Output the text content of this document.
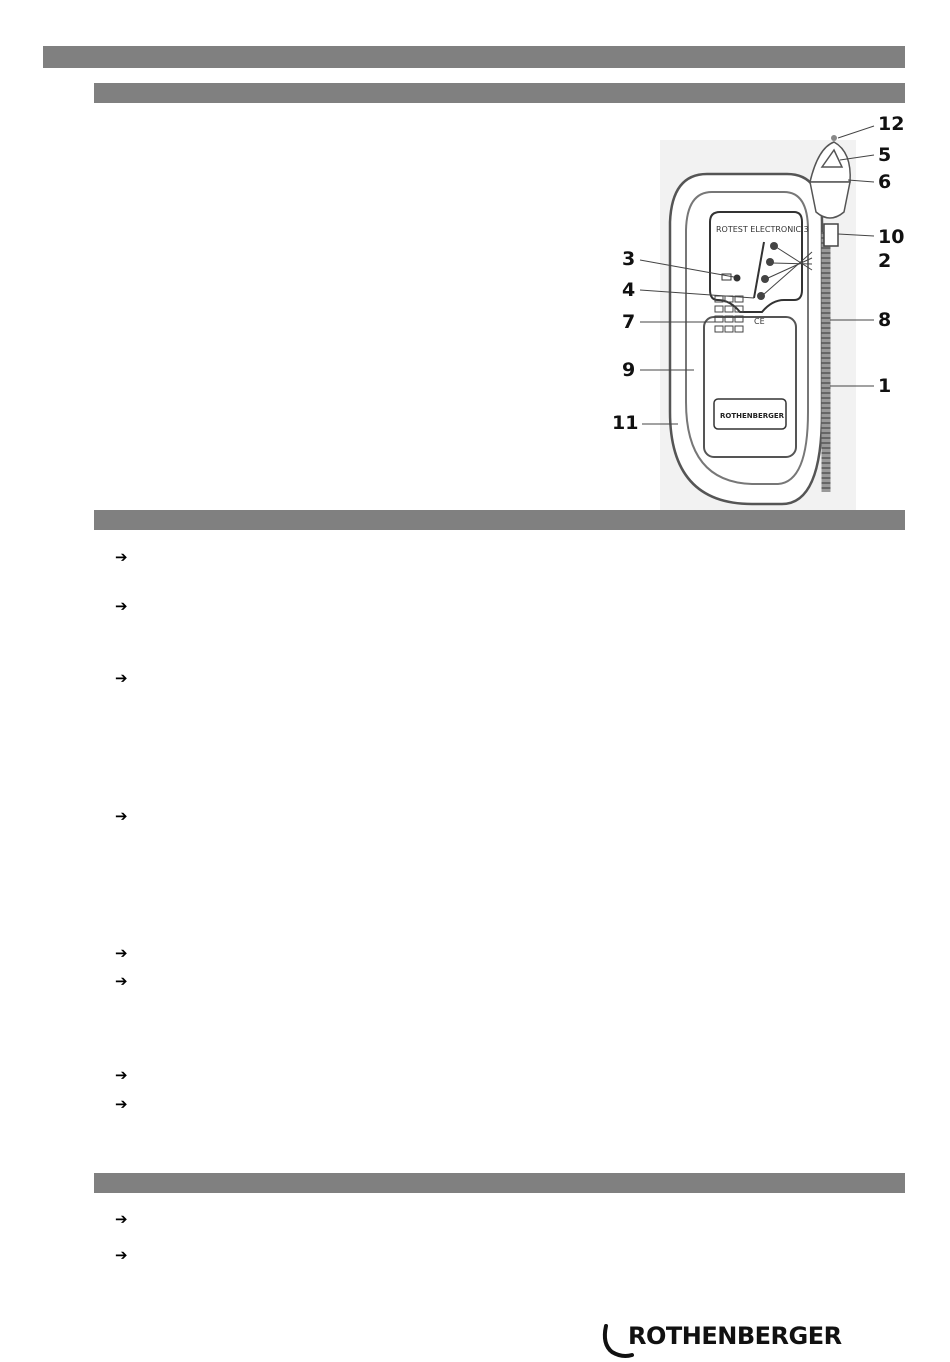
ROTHENBERGER
ROTEST ELECTRONIC 3
CE
12
5
6
10
2
3
4
7	8
9
1
11
➔
➔
➔
➔
➔
➔
➔
➔
➔
➔
ROTHENBERGER
